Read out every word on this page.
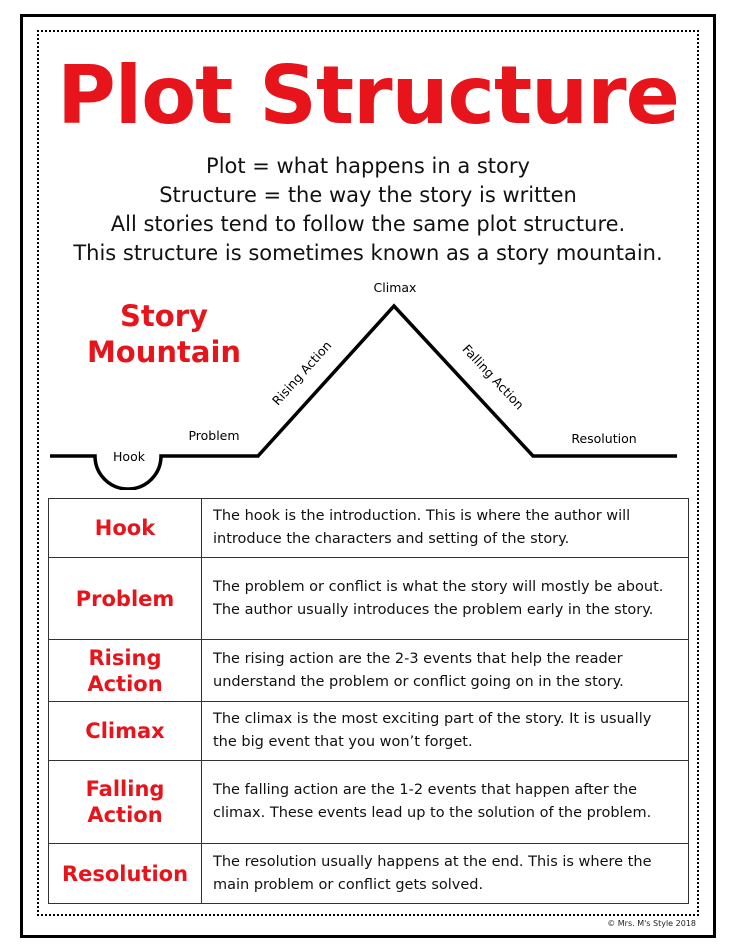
Plot Structure
Plot = what happens in a story
Structure = the way the story is written
All stories tend to follow the same plot structure.
This structure is sometimes known as a story mountain.
Story
Mountain
Hook
Problem
Rising Action
Climax
Falling Action
Resolution
Hook	The hook is the introduction. This is where the author will introduce the characters and setting of the story.
Problem	The problem or conflict is what the story will mostly be about. The author usually introduces the problem early in the story.
Rising Action	The rising action are the 2-3 events that help the reader understand the problem or conflict going on in the story.
Climax	The climax is the most exciting part of the story. It is usually the big event that you won’t forget.
Falling Action	The falling action are the 1-2 events that happen after the climax. These events lead up to the solution of the problem.
Resolution	The resolution usually happens at the end. This is where the main problem or conflict gets solved.
© Mrs. M's Style 2018
